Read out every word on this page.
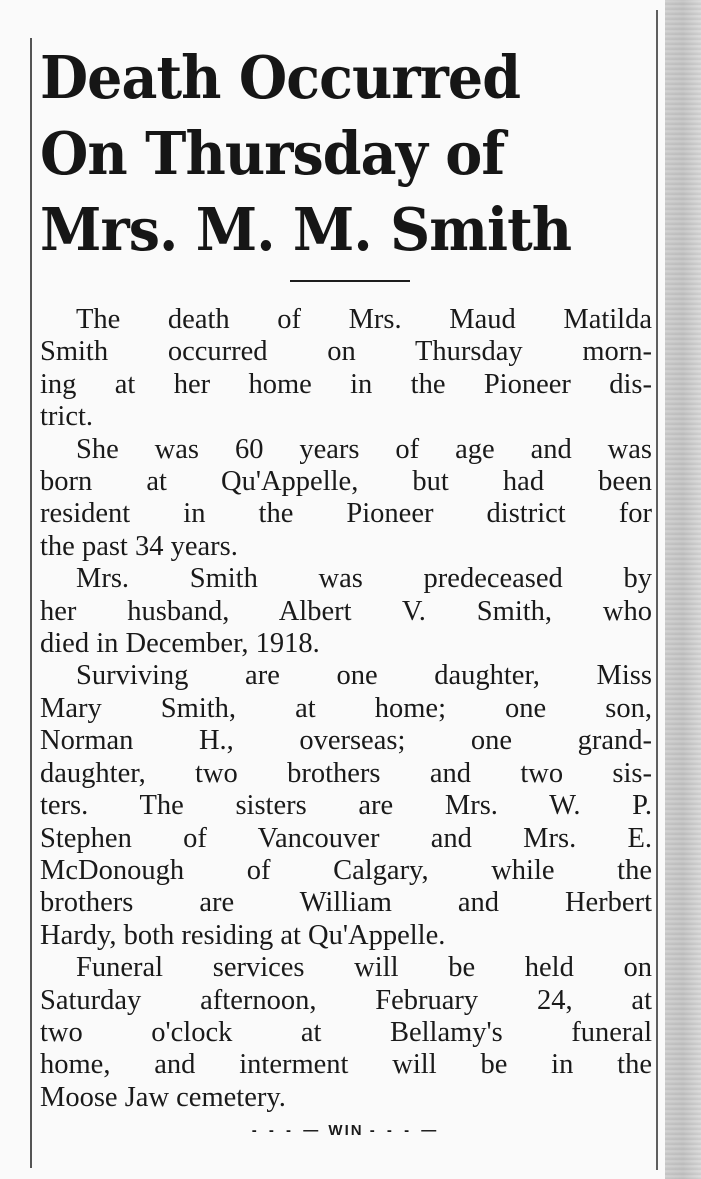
Death Occurred
On Thursday of
Mrs. M. M. Smith

The death of Mrs. Maud Matilda
Smith occurred on Thursday morn-
ing at her home in the Pioneer dis-
trict.

She was 60 years of age and was
born at Qu'Appelle, but had been
resident in the Pioneer district for
the past 34 years.

Mrs. Smith was predeceased by
her husband, Albert V. Smith, who
died in December, 1918.

Surviving are one daughter, Miss
Mary Smith, at home; one son,
Norman H., overseas; one grand-
daughter, two brothers and two sis-
ters. The sisters are Mrs. W. P.
Stephen of Vancouver and Mrs. E.
McDonough of Calgary, while the
brothers are William and Herbert
Hardy, both residing at Qu'Appelle.

Funeral services will be held on
Saturday afternoon, February 24, at
two o'clock at Bellamy's funeral
home, and interment will be in the
Moose Jaw cemetery.

- - - — WIN - - - —
